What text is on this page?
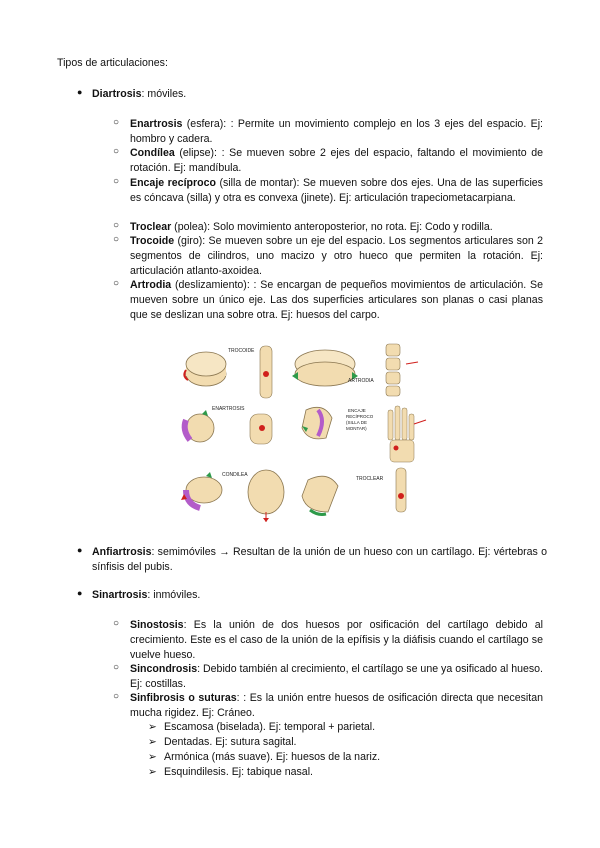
Tipos de articulaciones:
● Diartrosis: móviles.
○ Enartrosis (esfera): : Permite un movimiento complejo en los 3 ejes del espacio. Ej: hombro y cadera.
○ Condílea (elipse): : Se mueven sobre 2 ejes del espacio, faltando el movimiento de rotación. Ej: mandíbula.
○ Encaje recíproco (silla de montar): Se mueven sobre dos ejes. Una de las superficies es cóncava (silla) y otra es convexa (jinete). Ej: articulación trapeciometacarpiana.
○ Troclear (polea): Solo movimiento anteroposterior, no rota. Ej: Codo y rodilla.
○ Trocoide (giro): Se mueven sobre un eje del espacio. Los segmentos articulares son 2 segmentos de cilindros, uno macizo y otro hueco que permiten la rotación. Ej: articulación atlanto-axoidea.
○ Artrodia (deslizamiento): : Se encargan de pequeños movimientos de articulación. Se mueven sobre un único eje. Las dos superficies articulares son planas o casi planas que se deslizan una sobre otra. Ej: huesos del carpo.
TROCOIDE
ARTRODIA
ENARTROSIS	ENCAJE
RECÍPROCO
(SILLA DE
MONTAR)
CONDILEA
TROCLEAR
● Anfiartrosis: semimóviles → Resultan de la unión de un hueso con un cartílago. Ej: vértebras o sínfisis del pubis.
● Sinartrosis: inmóviles.
○ Sinostosis: Es la unión de dos huesos por osificación del cartílago debido al crecimiento. Este es el caso de la unión de la epífisis y la diáfisis cuando el cartílago se vuelve hueso.
○ Sincondrosis: Debido también al crecimiento, el cartílago se une ya osificado al hueso. Ej: costillas.
○ Sinfibrosis o suturas: : Es la unión entre huesos de osificación directa que necesitan mucha rigidez. Ej: Cráneo.
➢ Escamosa (biselada). Ej: temporal + parietal.
➢ Dentadas. Ej: sutura sagital.
➢ Armónica (más suave). Ej: huesos de la nariz.
➢ Esquindilesis. Ej: tabique nasal.
